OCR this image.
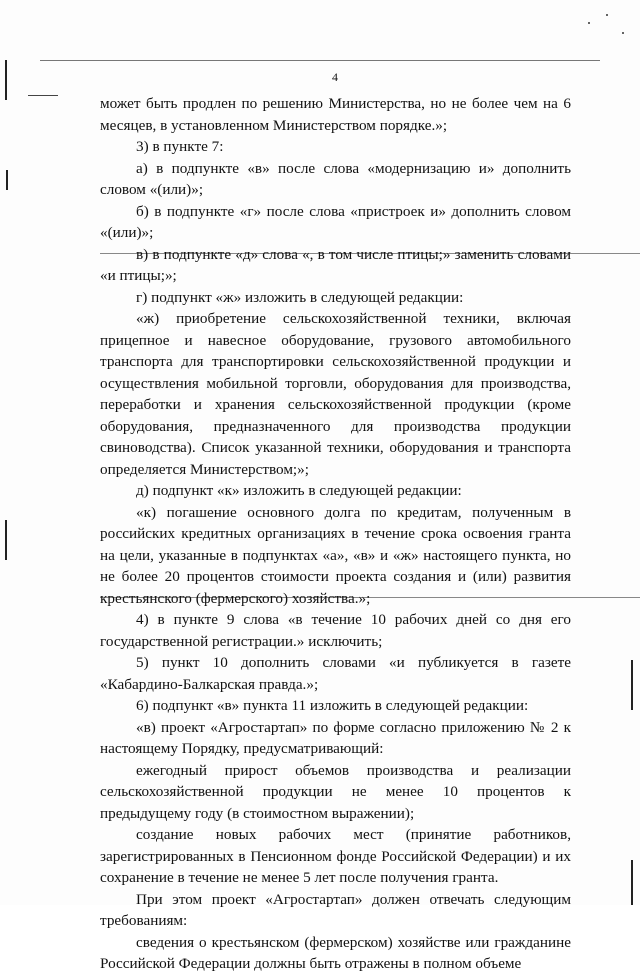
4

может быть продлен по решению Министерства, но не более чем на 6 месяцев, в установленном Министерством порядке.»;

3) в пункте 7:

а) в подпункте «в» после слова «модернизацию и» дополнить словом «(или)»;

б) в подпункте «г» после слова «пристроек и» дополнить словом «(или)»;

в) в подпункте «д» слова «, в том числе птицы;» заменить словами «и птицы;»;

г) подпункт «ж» изложить в следующей редакции:

«ж) приобретение сельскохозяйственной техники, включая прицепное и навесное оборудование, грузового автомобильного транспорта для транспортировки сельскохозяйственной продукции и осуществления мобильной торговли, оборудования для производства, переработки и хранения сельскохозяйственной продукции (кроме оборудования, предназначенного для производства продукции свиноводства). Список указанной техники, оборудования и транспорта определяется Министерством;»;

д) подпункт «к» изложить в следующей редакции:

«к) погашение основного долга по кредитам, полученным в российских кредитных организациях в течение срока освоения гранта на цели, указанные в подпунктах «а», «в» и «ж» настоящего пункта, но не более 20 процентов стоимости проекта создания и (или) развития крестьянского (фермерского) хозяйства.»;

4) в пункте 9 слова «в течение 10 рабочих дней со дня его государственной регистрации.» исключить;

5) пункт 10 дополнить словами «и публикуется в газете «Кабардино-Балкарская правда.»;

6) подпункт «в» пункта 11 изложить в следующей редакции:

«в) проект «Агростартап» по форме согласно приложению № 2 к настоящему Порядку, предусматривающий:

ежегодный прирост объемов производства и реализации сельскохозяйственной продукции не менее 10 процентов к предыдущему году (в стоимостном выражении);

создание новых рабочих мест (принятие работников, зарегистрированных в Пенсионном фонде Российской Федерации) и их сохранение в течение не менее 5 лет после получения гранта.

При этом проект «Агростартап» должен отвечать следующим требованиям:

сведения о крестьянском (фермерском) хозяйстве или гражданине Российской Федерации должны быть отражены в полном объеме
